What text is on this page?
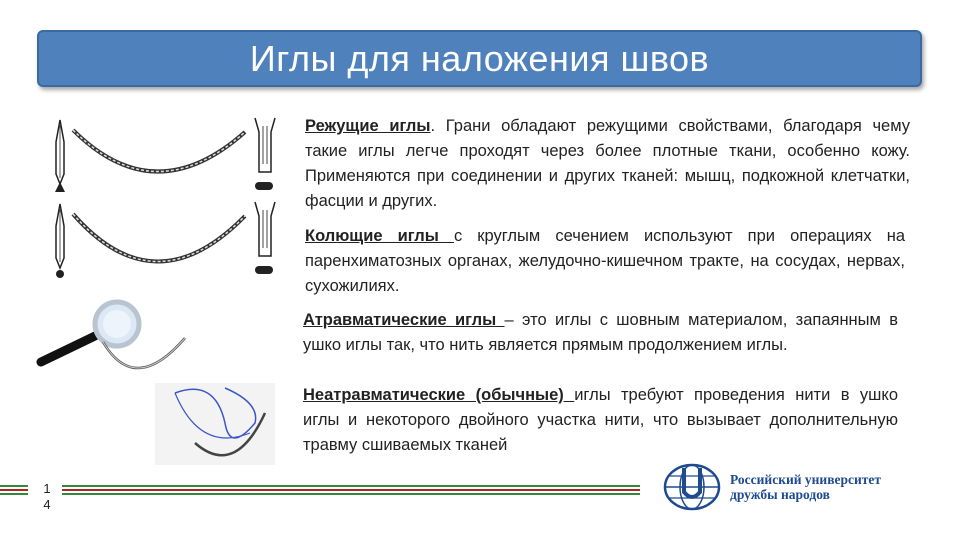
Иглы для наложения швов
Режущие иглы. Грани обладают режущими свойствами, благодаря чему такие иглы легче проходят через более плотные ткани, особенно кожу. Применяются при соединении и других тканей: мышц, подкожной клетчатки, фасции и других.
Колющие иглы с круглым сечением используют при операциях на паренхиматозных органах, желудочно-кишечном тракте, на сосудах, нервах, сухожилиях.
Атравматические иглы – это иглы с шовным материалом, запаянным в ушко иглы так, что нить является прямым продолжением иглы.
Неатравматические (обычные) иглы требуют проведения нити в ушко иглы и некоторого двойного участка нити, что вызывает дополнительную травму сшиваемых тканей
1
4
Российский университет
дружбы народов
